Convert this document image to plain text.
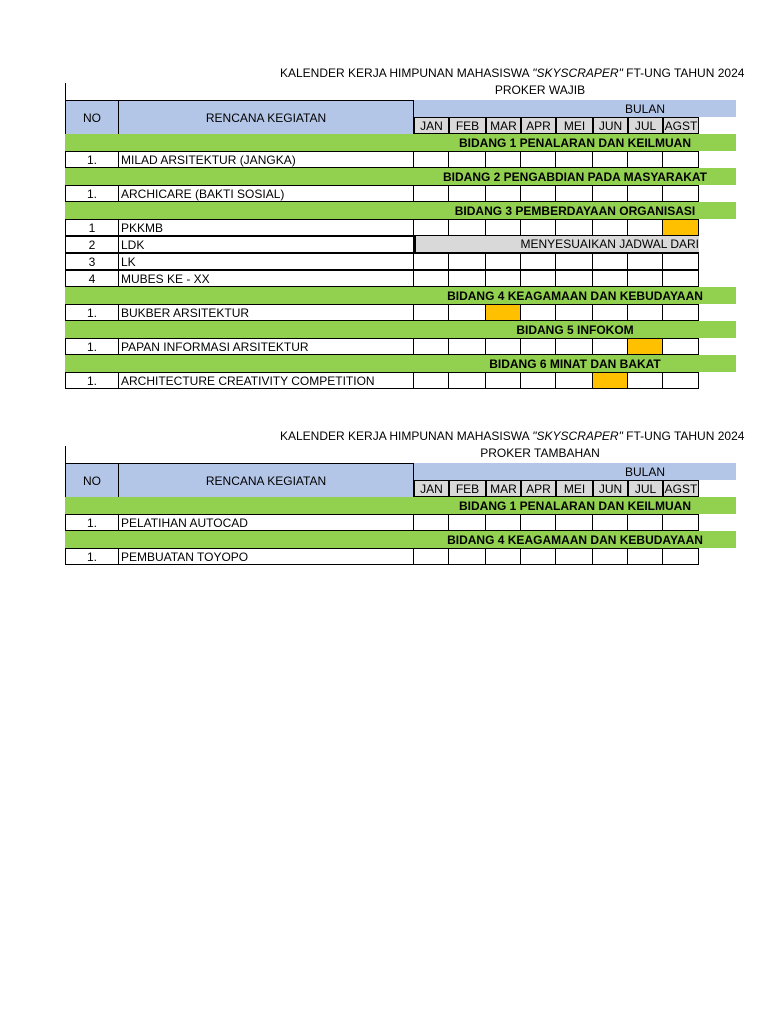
KALENDER KERJA HIMPUNAN MAHASISWA "SKYSCRAPER" FT-UNG TAHUN 2024
PROKER WAJIB
NO	RENCANA KEGIATAN
BULAN
JAN	FEB MAR APR	MEI	JUN	JUL AGST
BIDANG 1 PENALARAN DAN KEILMUAN
1.	MILAD ARSITEKTUR (JANGKA)
BIDANG 2 PENGABDIAN PADA MASYARAKAT
1.	ARCHICARE (BAKTI SOSIAL)
BIDANG 3 PEMBERDAYAAN ORGANISASI
1	PKKMB
2	LDK	MENYESUAIKAN JADWAL DARI
3	LK
4	MUBES KE - XX
BIDANG 4 KEAGAMAAN DAN KEBUDAYAAN
1.	BUKBER ARSITEKTUR
BIDANG 5 INFOKOM
1.	PAPAN INFORMASI ARSITEKTUR
BIDANG 6 MINAT DAN BAKAT
1.	ARCHITECTURE CREATIVITY COMPETITION
KALENDER KERJA HIMPUNAN MAHASISWA "SKYSCRAPER" FT-UNG TAHUN 2024
PROKER TAMBAHAN
NO	RENCANA KEGIATAN
BULAN
JAN	FEB MAR APR	MEI	JUN	JUL AGST
BIDANG 1 PENALARAN DAN KEILMUAN
1.	PELATIHAN AUTOCAD
BIDANG 4 KEAGAMAAN DAN KEBUDAYAAN
1.	PEMBUATAN TOYOPO
